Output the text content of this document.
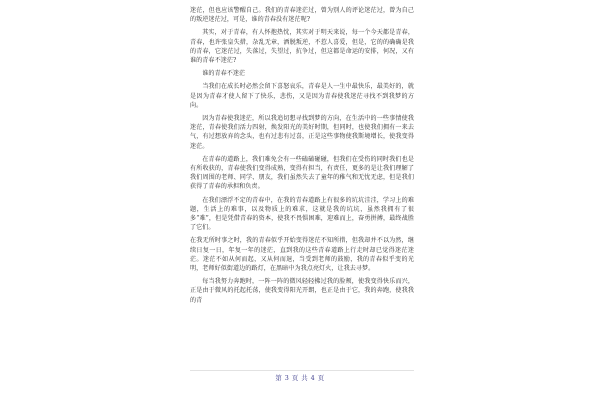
迷茫，但也应该警醒自己。我们的青春迷茫过，曾为别人的评论迷茫过，曾为自己的叛逆迷茫过，可是，谁的青春没有迷茫呢?

其实，对于青春，有人怀抱热忱，其实对于明天来说，每一个今天都是青春，青春，也许张皇失措，杂乱无章，洒脱叛逆，不惹人喜爱，但是，它的的确确是我的青春，它迷茫过，失落过，失望过，抗争过，但这都是命运的安排，何况，又有谁的青春不迷茫?

谁的青春不迷茫

当我们在成长时必然会留下喜怒哀乐，青春是人一生中最快乐，最美好的，就是因为青春才使人留下了快乐，悲伤，又是因为青春使我迷茫寻找不到我梦的方向。

因为青春使我迷茫，所以我追切想寻找到梦的方向，在生活中的一些事情使我迷茫，青春使我们活力四射，焕发阳光的美好时期，但同时，也使我们拥有一来去气，有过想放弃的念头，也有过悲有过喜，正是这些事物使我斯境增长，使我变得迷茫。

在青春的道路上，我们难免会有一些磕磕碰碰，但我们在受伤的同时我们也是有所收获的，青春使我们变得成熟，变得有担当，有责任，更多的是让我们理解了我们周围的老师、同学、朋友，我们虽然失去了童年的稚气和无忧无虑，但是我们获得了青春的承担和负责。

在我们漂浮不定的青春中，在我的青春道路上有很多的坑坑洼洼，学习上的难题，生活上的难事，以及物质上的难求，这就是我的坑坑，虽然我拥有了很多“难”，但是凭借青春的资本，使我不畏惧困难，迎难而上，奋勇拼搏，最终战胜了它们。

在我无所时事之时，我的青春似乎开始变得迷茫不知所措，但我却并不以为然，继续日复一日，年复一年的迷茫，直到我的这些青春道路上行走时却已觉得迷茫迷茫。迷茫不如从何而起，又从何而退，当受到老师的鼓励，我的青春似乎变的光明，老师好似街道边的路灯，在黑暗中为我点亮灯火，让我去寻梦。

每当我努力奔跑时，一阵一阵的微风轻轻拂过我的脸颊，使我变得快乐而兴，正是由于微风的托起托荡，使我变得阳光开朗，也正是由于它，我的奔跑，使我我的青

第 3 页 共 4 页
